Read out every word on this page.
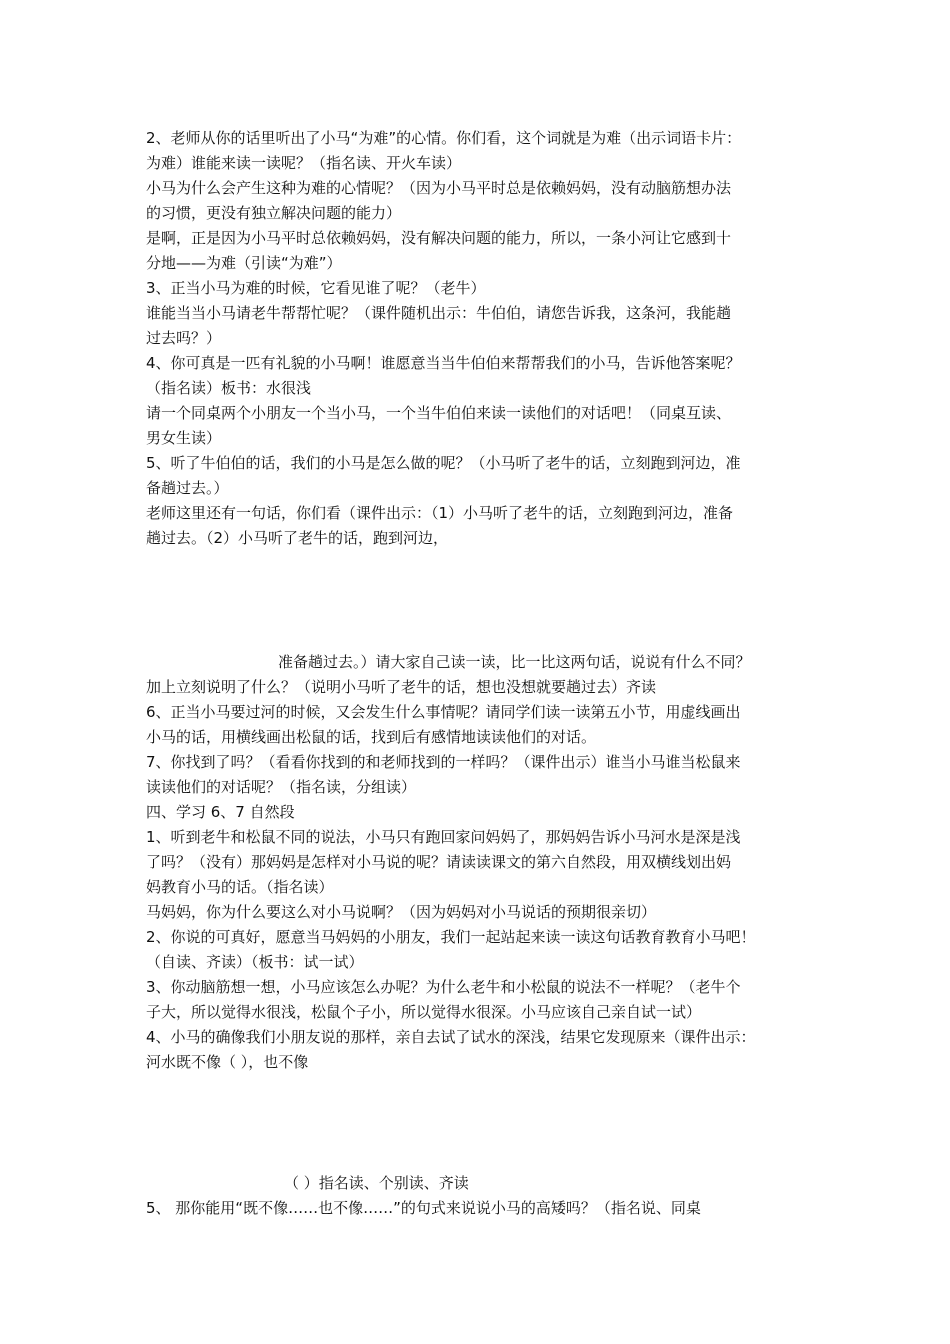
2、老师从你的话里听出了小马“为难”的心情。你们看，这个词就是为难（出示词语卡片：

为难）谁能来读一读呢？（指名读、开火车读）

小马为什么会产生这种为难的心情呢？（因为小马平时总是依赖妈妈，没有动脑筋想办法

的习惯，更没有独立解决问题的能力）

是啊，正是因为小马平时总依赖妈妈，没有解决问题的能力，所以，一条小河让它感到十

分地——为难（引读“为难”）

3、正当小马为难的时候，它看见谁了呢？（老牛）

谁能当当小马请老牛帮帮忙呢？（课件随机出示：牛伯伯，请您告诉我，这条河，我能趟

过去吗？）

4、你可真是一匹有礼貌的小马啊！谁愿意当当牛伯伯来帮帮我们的小马，告诉他答案呢？

（指名读）板书：水很浅

请一个同桌两个小朋友一个当小马，一个当牛伯伯来读一读他们的对话吧！（同桌互读、

男女生读）

5、听了牛伯伯的话，我们的小马是怎么做的呢？（小马听了老牛的话，立刻跑到河边，准

备趟过去。）

老师这里还有一句话，你们看（课件出示：（1）小马听了老牛的话，立刻跑到河边，准备

趟过去。（2）小马听了老牛的话，跑到河边，

准备趟过去。）请大家自己读一读，比一比这两句话，说说有什么不同？

加上立刻说明了什么？（说明小马听了老牛的话，想也没想就要趟过去）齐读

6、正当小马要过河的时候，又会发生什么事情呢？请同学们读一读第五小节，用虚线画出

小马的话，用横线画出松鼠的话，找到后有感情地读读他们的对话。

7、你找到了吗？（看看你找到的和老师找到的一样吗？（课件出示）谁当小马谁当松鼠来

读读他们的对话呢？（指名读，分组读）

四、学习 6、7 自然段

1、听到老牛和松鼠不同的说法，小马只有跑回家问妈妈了，那妈妈告诉小马河水是深是浅

了吗？（没有）那妈妈是怎样对小马说的呢？请读读课文的第六自然段，用双横线划出妈

妈教育小马的话。（指名读）

马妈妈，你为什么要这么对小马说啊？（因为妈妈对小马说话的预期很亲切）

2、你说的可真好，愿意当马妈妈的小朋友，我们一起站起来读一读这句话教育教育小马吧！

（自读、齐读）（板书：试一试）

3、你动脑筋想一想，小马应该怎么办呢？为什么老牛和小松鼠的说法不一样呢？（老牛个

子大，所以觉得水很浅，松鼠个子小，所以觉得水很深。小马应该自己亲自试一试）

4、小马的确像我们小朋友说的那样，亲自去试了试水的深浅，结果它发现原来（课件出示：

河水既不像（ ），也不像

（ ）指名读、个别读、齐读

5、 那你能用“既不像……也不像……”的句式来说说小马的高矮吗？（指名说、同桌
